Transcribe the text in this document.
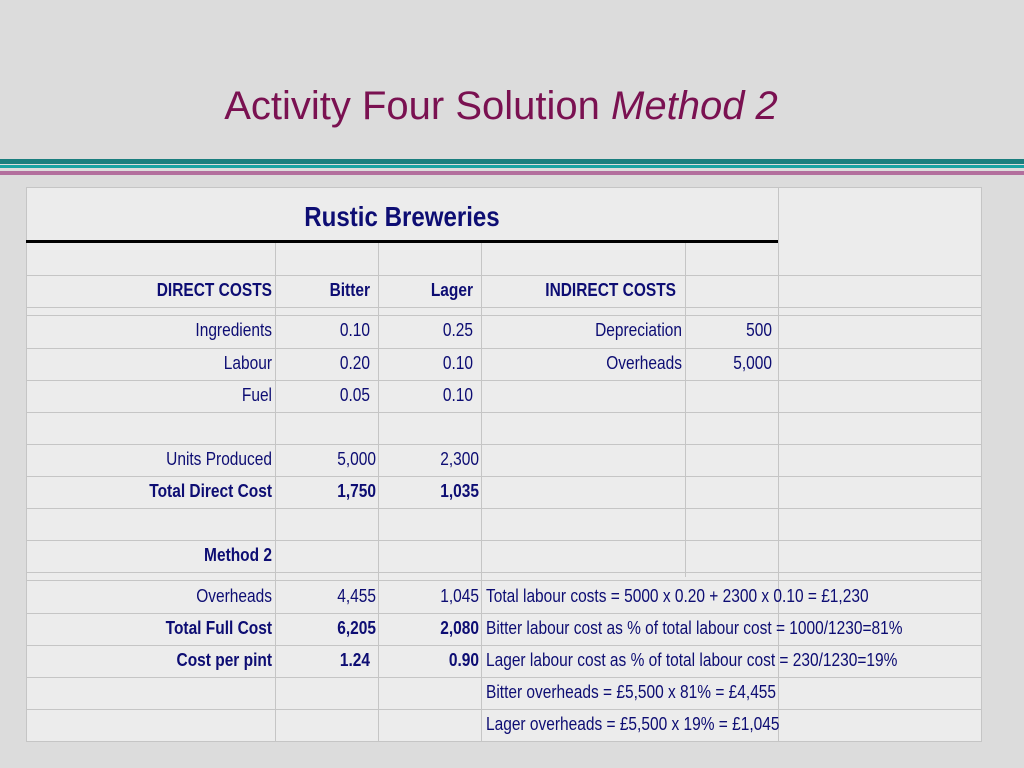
Activity Four Solution Method 2
Rustic Breweries
DIRECT COSTS	Bitter	Lager	INDIRECT COSTS
Ingredients	0.10	0.25	Depreciation	500
Labour	0.20	0.10	Overheads	5,000
Fuel	0.05	0.10
Units Produced	5,000	2,300
Total Direct Cost	1,750	1,035
Method 2
Overheads	4,455	1,045 Total labour costs = 5000 x 0.20 + 2300 x 0.10 = £1,230
Total Full Cost	6,205	2,080 Bitter labour cost as % of total labour cost = 1000/1230=81%
Cost per pint	1.24	0.90 Lager labour cost as % of total labour cost = 230/1230=19%
Bitter overheads = £5,500 x 81% = £4,455
Lager overheads = £5,500 x 19% = £1,045
